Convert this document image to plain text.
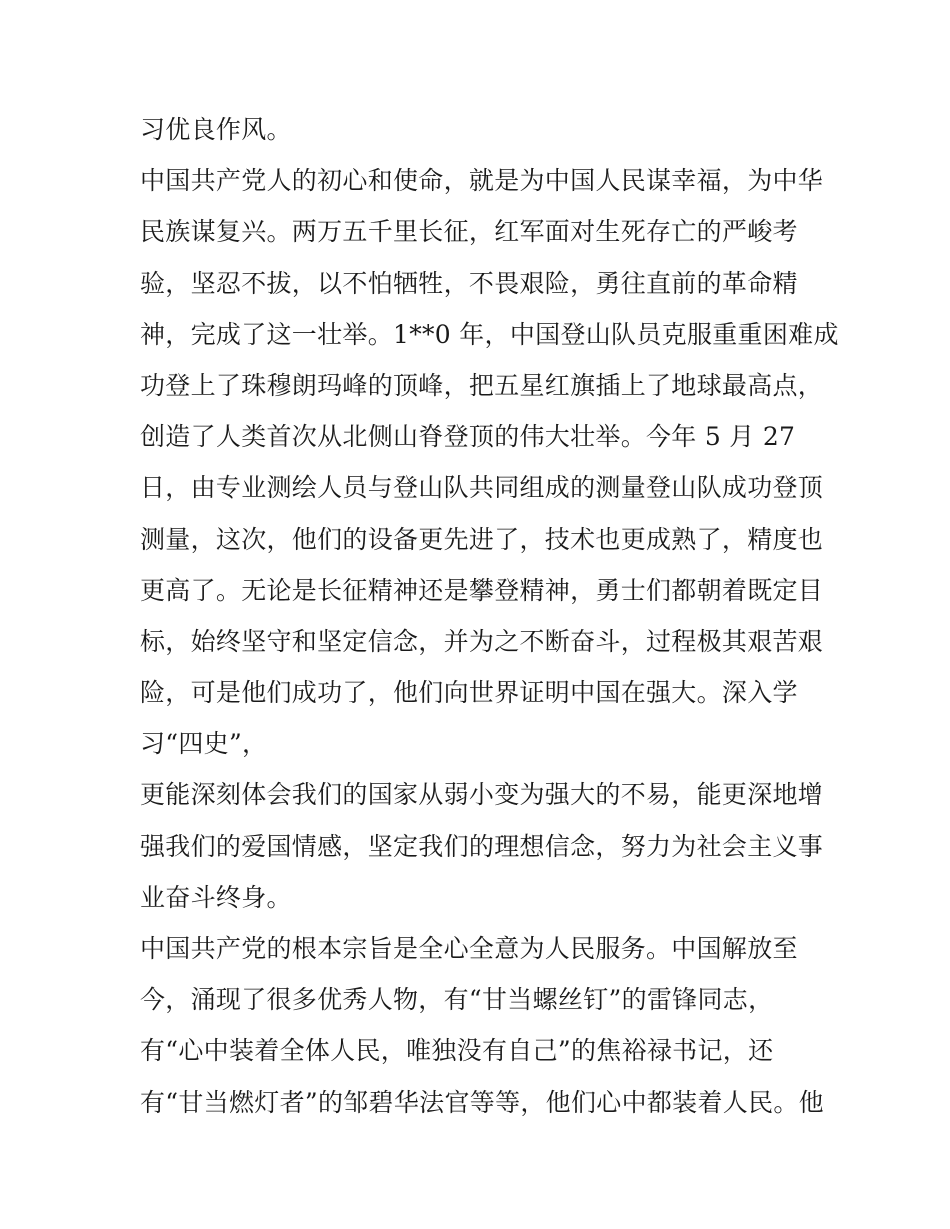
习优良作风。
中国共产党人的初心和使命，就是为中国人民谋幸福，为中华
民族谋复兴。两万五千里长征，红军面对生死存亡的严峻考
验，坚忍不拔，以不怕牺牲，不畏艰险，勇往直前的革命精
神，完成了这一壮举。1**0 年，中国登山队员克服重重困难成
功登上了珠穆朗玛峰的顶峰，把五星红旗插上了地球最高点，
创造了人类首次从北侧山脊登顶的伟大壮举。今年 5 月 27
日，由专业测绘人员与登山队共同组成的测量登山队成功登顶
测量，这次，他们的设备更先进了，技术也更成熟了，精度也
更高了。无论是长征精神还是攀登精神，勇士们都朝着既定目
标，始终坚守和坚定信念，并为之不断奋斗，过程极其艰苦艰
险，可是他们成功了，他们向世界证明中国在强大。深入学
习“四史”，
更能深刻体会我们的国家从弱小变为强大的不易，能更深地增
强我们的爱国情感，坚定我们的理想信念，努力为社会主义事
业奋斗终身。
中国共产党的根本宗旨是全心全意为人民服务。中国解放至
今，涌现了很多优秀人物，有“甘当螺丝钉”的雷锋同志，
有“心中装着全体人民，唯独没有自己”的焦裕禄书记，还
有“甘当燃灯者”的邹碧华法官等等，他们心中都装着人民。他
